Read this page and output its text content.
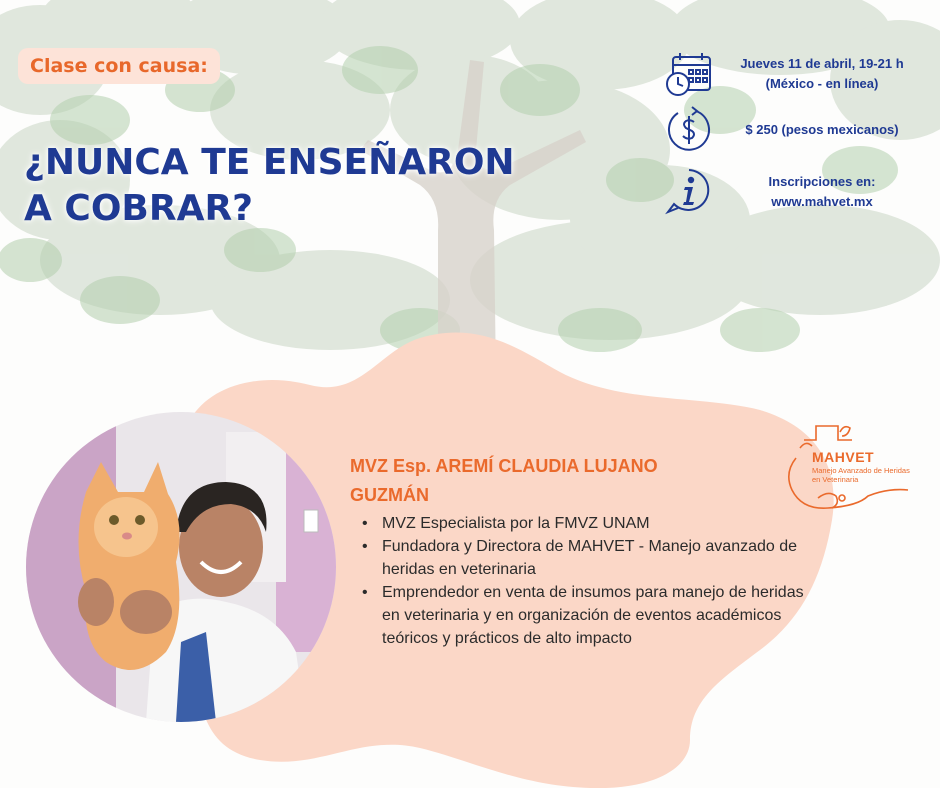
Clase con causa:
¿NUNCA TE ENSEÑARON
A COBRAR?
Jueves 11 de abril, 19-21 h
(México - en línea)
$ 250 (pesos mexicanos)
Inscripciones en:
www.mahvet.mx
MVZ Esp. AREMÍ CLAUDIA LUJANO
GUZMÁN
• MVZ Especialista por la FMVZ UNAM
• Fundadora y Directora de MAHVET - Manejo avanzado de heridas en veterinaria
• Emprendedor en venta de insumos para manejo de heridas en veterinaria y en organización de eventos académicos teóricos y prácticos de alto impacto
MAHVET
Manejo Avanzado de Heridas en Veterinaria
